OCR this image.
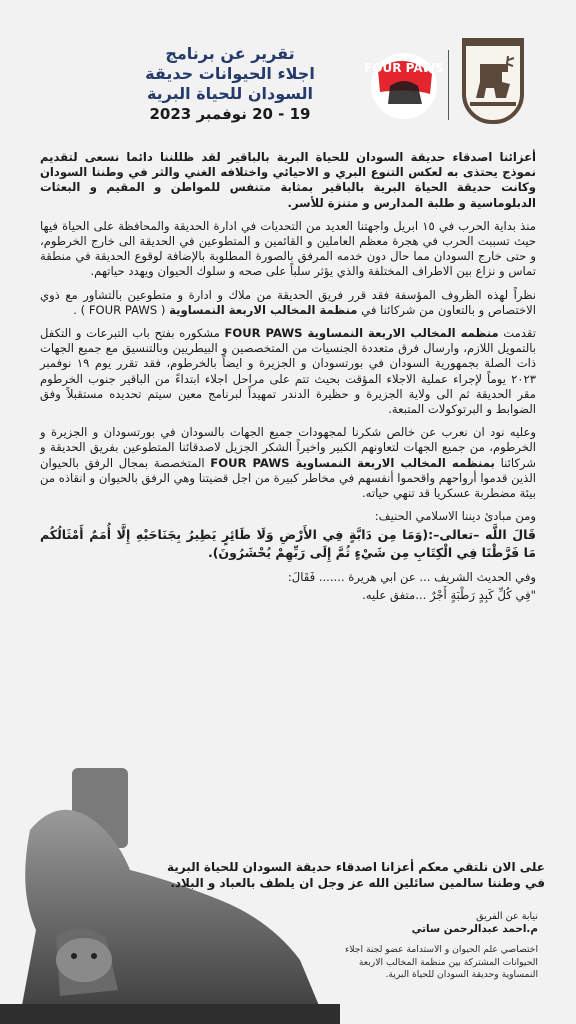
FOUR PAWS
تقرير عن برنامج
اجلاء الحيوانات حديقة
السودان للحياة البرية
19 - 20 نوفمبر 2023

أعزائنا اصدقاء حديقة السودان للحياة البرية بالباقير لقد ظللننا دائما نسعى لتقديم نموذج يحتذى به لعكس التنوع البري و الاحيائي واختلافه الغني والثر في وطننا السودان وكانت حديقة الحياة البرية بالباقير بمثابة متنفس للمواطن و المقيم و البعثات الدبلوماسية و طلبة المدارس و متنزة للأسر.

منذ بداية الحرب في ١٥ ابريل واجهتنا العديد من التحديات في ادارة الحديقة والمحافظة على الحياة فيها حيث تسببت الحرب في هجرة معظم العاملين و القائمين و المتطوعين في الحديقة الى خارج الخرطوم، و حتى خارج السودان مما حال دون خدمه المرفق بالصورة المطلوبة بالإضافة لوقوع الحديقة في منطقة تماس و نزاع بين الاطراف المختلفة والذي يؤثر سلباً على صحه و سلوك الحيوان ويهدد حياتهم.

نظراً لهذه الظروف المؤسفة فقد قرر فريق الحديقة من ملاك و ادارة و متطوعين بالتشاور مع ذوي الاختصاص و بالتعاون من شركائنا في منظمة المخالب الاربعة النمساوية ( FOUR PAWS ) .

تقدمت منظمه المخالب الاربعة النمساوية FOUR PAWS مشكوره بفتح باب التبرعات و التكفل بالتمويل اللازم، وارسال فرق متعددة الجنسيات من المتخصصين و البيطريين وبالتنسيق مع جميع الجهات ذات الصلة بجمهورية السودان في بورتسودان و الجزيرة و ايضاً بالخرطوم، فقد تقرر يوم ١٩ نوفمبر ٢٠٢٣ يوماً لإجراء عملية الاجلاء المؤقت بحيث تتم على مراحل اجلاء ابتداءً من الباقير جنوب الخرطوم مقر الحديقة ثم الى ولاية الجزيرة و حظيرة الدندر تمهيداً لبرنامج معين سيتم تحديده مستقبلاً وفق الضوابط و البرتوكولات المتبعة.

وعليه نود ان نعرب عن خالص شكرنا لمجهودات جميع الجهات بالسودان في بورتسودان و الجزيرة و الخرطوم، من جميع الجهات لتعاونهم الكبير واخيراً الشكر الجزيل لاصدقائنا المتطوعين بفريق الحديقة و شركائنا بمنظمه المخالب الاربعة النمساوية FOUR PAWS المتخصصة بمجال الرفق بالحيوان الذين قدموا أرواحهم واقحموا أنفسهم في مخاطر كبيرة من اجل قضيتنا وهي الرفق بالحيوان و انقاذه من بيئة مضطربة عسكريا قد تنهي حياته.

ومن مبادئ ديننا الاسلامي الحنيف:

قَالَ اللَّه –تعالى–:(وَمَا مِن دَابَّةٍ فِي الأَرْضِ وَلَا طَائِرٍ يَطِيرُ بِجَنَاحَيْهِ إِلَّا أُمَمٌ أَمْثَالُكُم مَا فَرَّطْنَا فِي الْكِتَابِ مِن شَيْءٍ ثُمَّ إِلَى رَبِّهِمْ يُحْشَرُونَ).

وفي الحديث الشريف ... عن ابي هريرة ....... فَقَالَ:

"فِي كُلِّ كَبِدٍ رَطْبَةٍ أَجْرٌ ...متفق عليه.

على الان نلتقي معكم أعزانا اصدقاء حديقة السودان للحياة البرية في وطننا سالمين سائلين الله عز وجل ان يلطف بالعباد و البلاد.
نيابة عن الفريق
م.احمد عبدالرحمن ساتي
اختصاصي علم الحيوان و الاستدامة عضو لجنة اجلاء الحيوانات المشتركة بين منظمة المخالب الاربعة النمساوية وحديقة السودان للحياة البرية.
